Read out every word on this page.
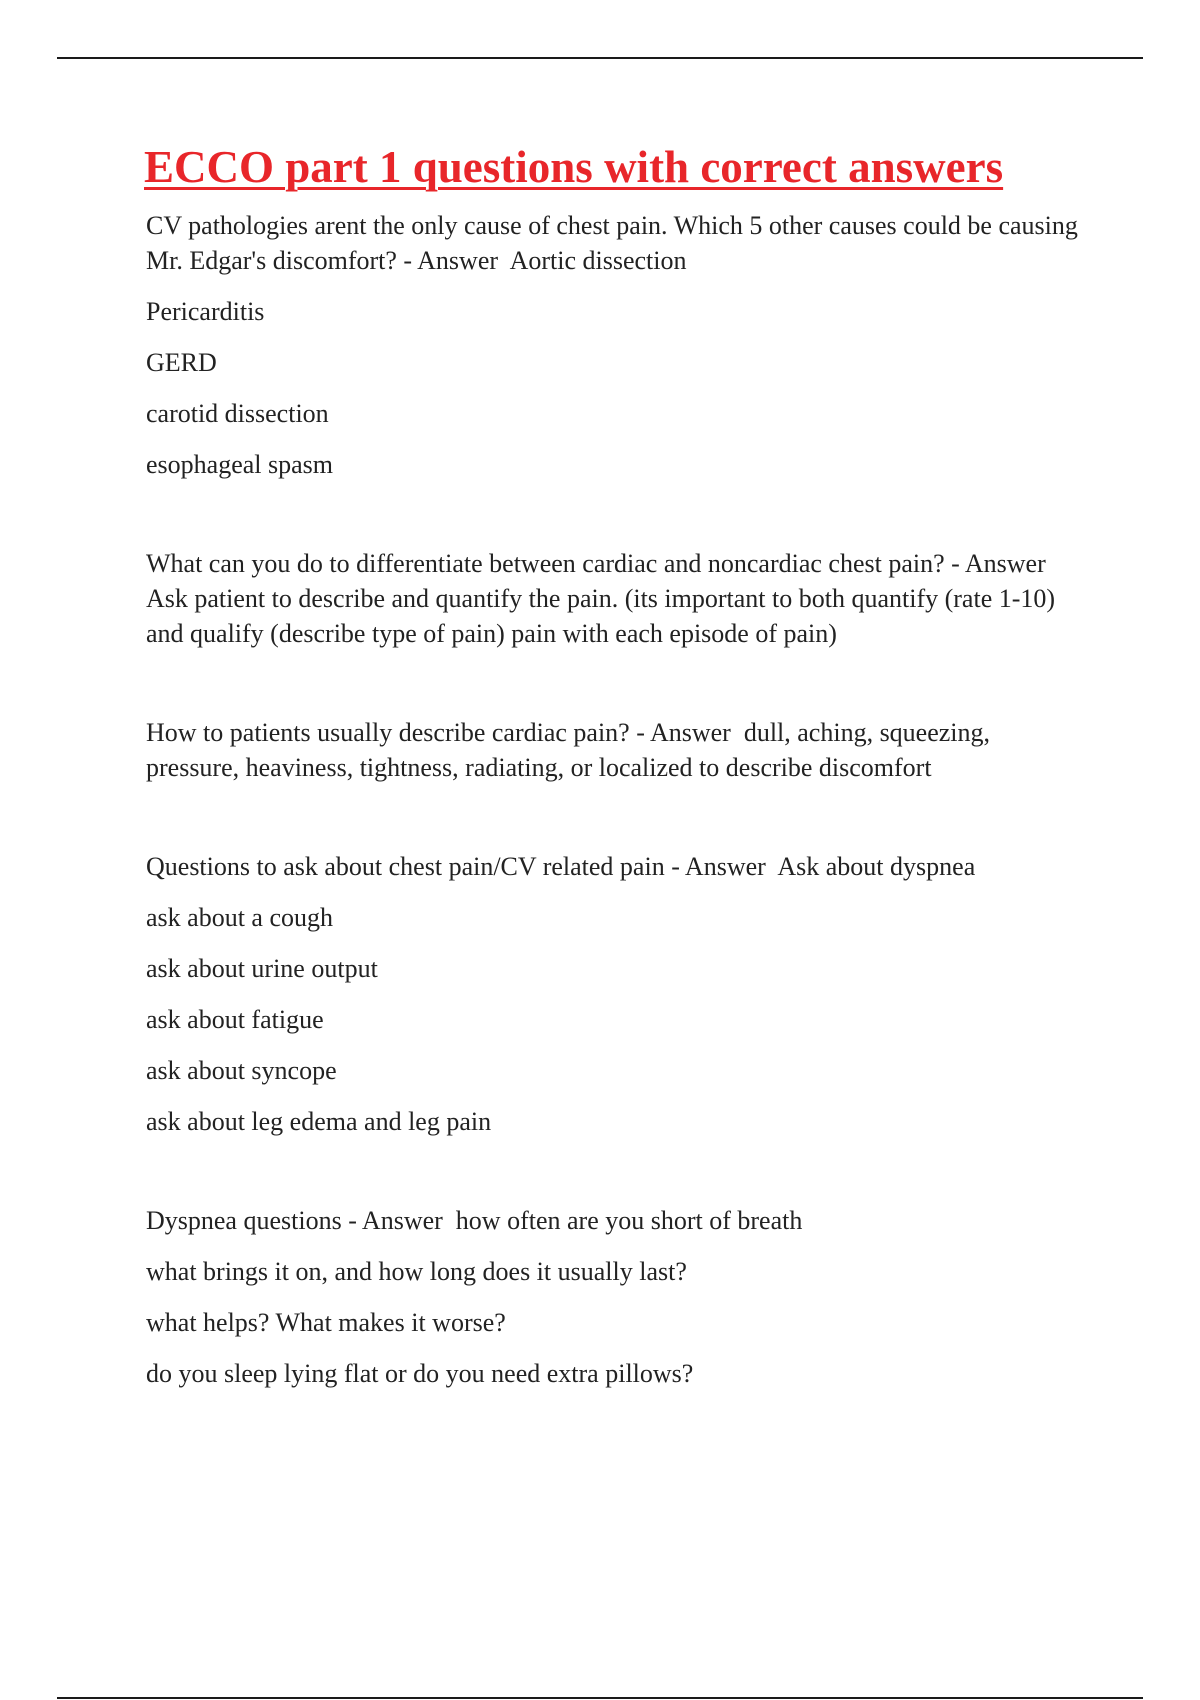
ECCO part 1 questions with correct answers

CV pathologies arent the only cause of chest pain. Which 5 other causes could be causing Mr. Edgar's discomfort? - Answer  Aortic dissection

Pericarditis

GERD

carotid dissection

esophageal spasm

What can you do to differentiate between cardiac and noncardiac chest pain? - Answer  Ask patient to describe and quantify the pain. (its important to both quantify (rate 1-10) and qualify (describe type of pain) pain with each episode of pain)

How to patients usually describe cardiac pain? - Answer  dull, aching, squeezing, pressure, heaviness, tightness, radiating, or localized to describe discomfort

Questions to ask about chest pain/CV related pain - Answer  Ask about dyspnea

ask about a cough

ask about urine output

ask about fatigue

ask about syncope

ask about leg edema and leg pain

Dyspnea questions - Answer  how often are you short of breath

what brings it on, and how long does it usually last?

what helps? What makes it worse?

do you sleep lying flat or do you need extra pillows?
